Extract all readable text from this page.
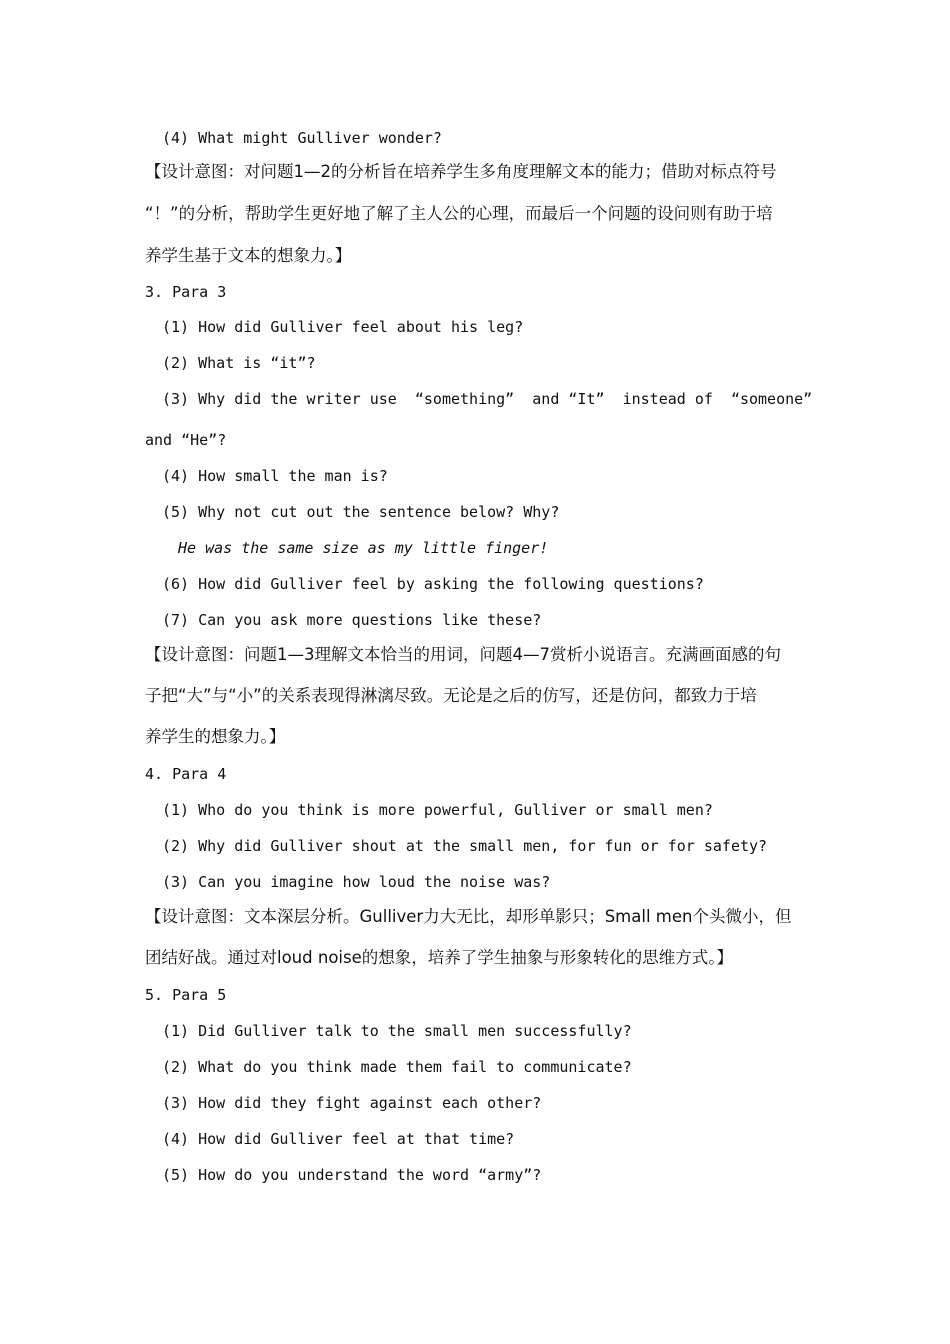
(4) What might Gulliver wonder?
【设计意图：对问题1—2的分析旨在培养学生多角度理解文本的能力；借助对标点符号
“！”的分析，帮助学生更好地了解了主人公的心理，而最后一个问题的设问则有助于培
养学生基于文本的想象力。】
3. Para 3
(1) How did Gulliver feel about his leg?
(2) What is “it”?
(3) Why did the writer use  “something”  and “It”  instead of  “someone”
and “He”?
(4) How small the man is?
(5) Why not cut out the sentence below? Why?
He was the same size as my little finger!
(6) How did Gulliver feel by asking the following questions?
(7) Can you ask more questions like these?
【设计意图：问题1—3理解文本恰当的用词，问题4—7赏析小说语言。充满画面感的句
子把“大”与“小”的关系表现得淋漓尽致。无论是之后的仿写，还是仿问，都致力于培
养学生的想象力。】
4. Para 4
(1) Who do you think is more powerful, Gulliver or small men?
(2) Why did Gulliver shout at the small men, for fun or for safety?
(3) Can you imagine how loud the noise was?
【设计意图：文本深层分析。Gulliver力大无比，却形单影只；Small men个头微小，但
团结好战。通过对loud noise的想象，培养了学生抽象与形象转化的思维方式。】
5. Para 5
(1) Did Gulliver talk to the small men successfully?
(2) What do you think made them fail to communicate?
(3) How did they fight against each other?
(4) How did Gulliver feel at that time?
(5) How do you understand the word “army”?
